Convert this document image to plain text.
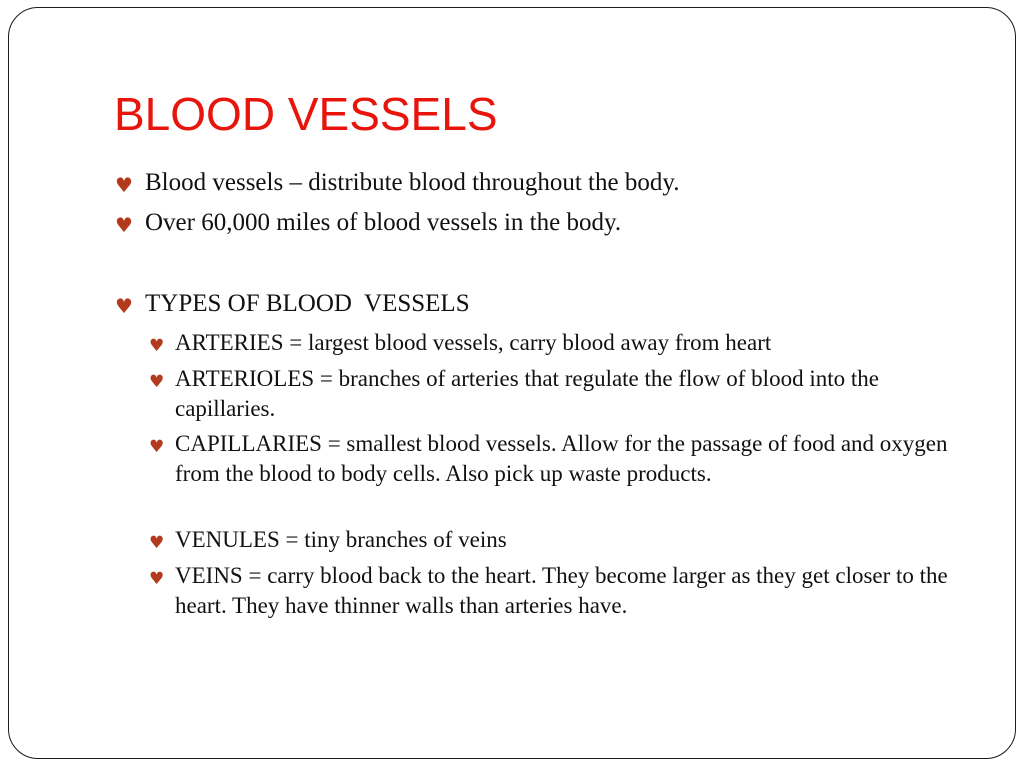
BLOOD VESSELS

♥ Blood vessels – distribute blood throughout the body.

♥ Over 60,000 miles of blood vessels in the body.

♥ TYPES OF BLOOD  VESSELS

♥ ARTERIES = largest blood vessels, carry blood away from heart

♥ ARTERIOLES = branches of arteries that regulate the flow of blood into the capillaries.

♥ CAPILLARIES = smallest blood vessels. Allow for the passage of food and oxygen from the blood to body cells. Also pick up waste products.

♥ VENULES = tiny branches of veins

♥ VEINS = carry blood back to the heart. They become larger as they get closer to the heart. They have thinner walls than arteries have.
